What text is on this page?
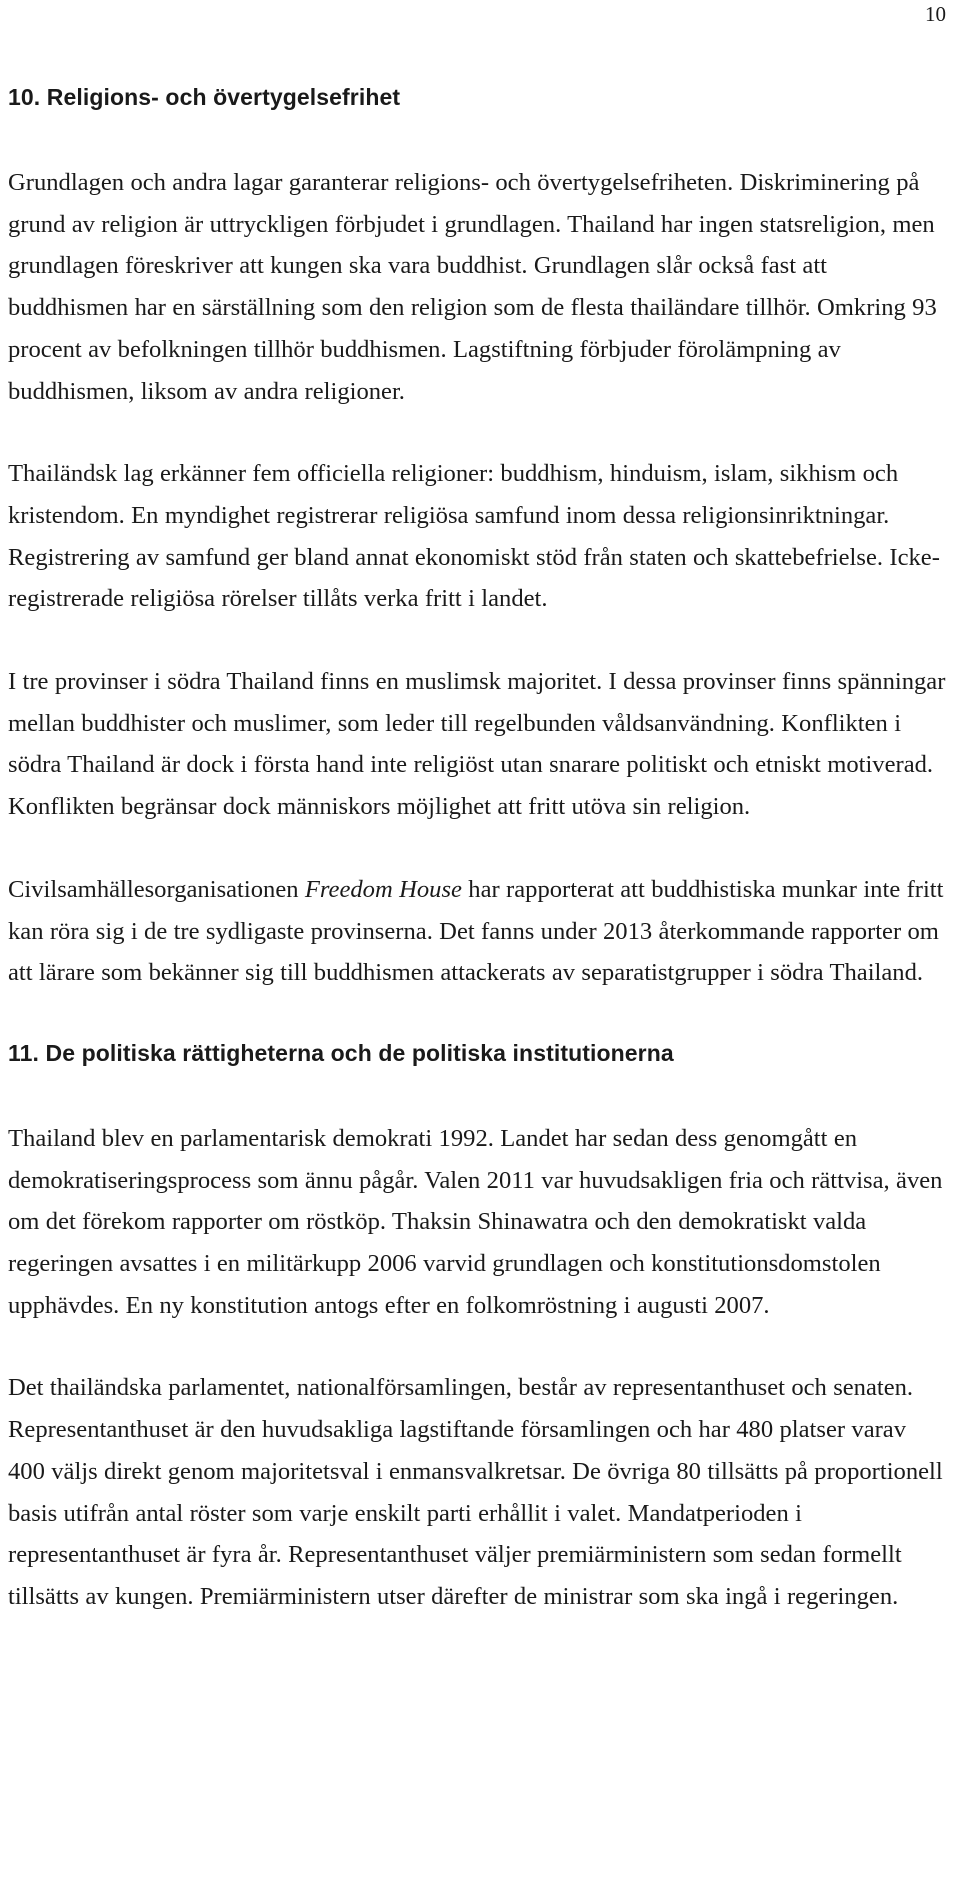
10
10. Religions- och övertygelsefrihet

Grundlagen och andra lagar garanterar religions- och övertygelsefriheten. Diskriminering på grund av religion är uttryckligen förbjudet i grundlagen. Thailand har ingen statsreligion, men grundlagen föreskriver att kungen ska vara buddhist. Grundlagen slår också fast att buddhismen har en särställning som den religion som de flesta thailändare tillhör. Omkring 93 procent av befolkningen tillhör buddhismen. Lagstiftning förbjuder förolämpning av buddhismen, liksom av andra religioner.

Thailändsk lag erkänner fem officiella religioner: buddhism, hinduism, islam, sikhism och kristendom. En myndighet registrerar religiösa samfund inom dessa religionsinriktningar. Registrering av samfund ger bland annat ekonomiskt stöd från staten och skattebefrielse. Icke-registrerade religiösa rörelser tillåts verka fritt i landet.

I tre provinser i södra Thailand finns en muslimsk majoritet. I dessa provinser finns spänningar mellan buddhister och muslimer, som leder till regelbunden våldsanvändning. Konflikten i södra Thailand är dock i första hand inte religiöst utan snarare politiskt och etniskt motiverad. Konflikten begränsar dock människors möjlighet att fritt utöva sin religion.

Civilsamhällesorganisationen Freedom House har rapporterat att buddhistiska munkar inte fritt kan röra sig i de tre sydligaste provinserna. Det fanns under 2013 återkommande rapporter om att lärare som bekänner sig till buddhismen attackerats av separatistgrupper i södra Thailand.

11. De politiska rättigheterna och de politiska institutionerna

Thailand blev en parlamentarisk demokrati 1992. Landet har sedan dess genomgått en demokratiseringsprocess som ännu pågår. Valen 2011 var huvudsakligen fria och rättvisa, även om det förekom rapporter om röstköp. Thaksin Shinawatra och den demokratiskt valda regeringen avsattes i en militärkupp 2006 varvid grundlagen och konstitutionsdomstolen upphävdes. En ny konstitution antogs efter en folkomröstning i augusti 2007.

Det thailändska parlamentet, nationalförsamlingen, består av representanthuset och senaten. Representanthuset är den huvudsakliga lagstiftande församlingen och har 480 platser varav 400 väljs direkt genom majoritetsval i enmansvalkretsar. De övriga 80 tillsätts på proportionell basis utifrån antal röster som varje enskilt parti erhållit i valet. Mandatperioden i representanthuset är fyra år. Representanthuset väljer premiärministern som sedan formellt tillsätts av kungen. Premiärministern utser därefter de ministrar som ska ingå i regeringen.
